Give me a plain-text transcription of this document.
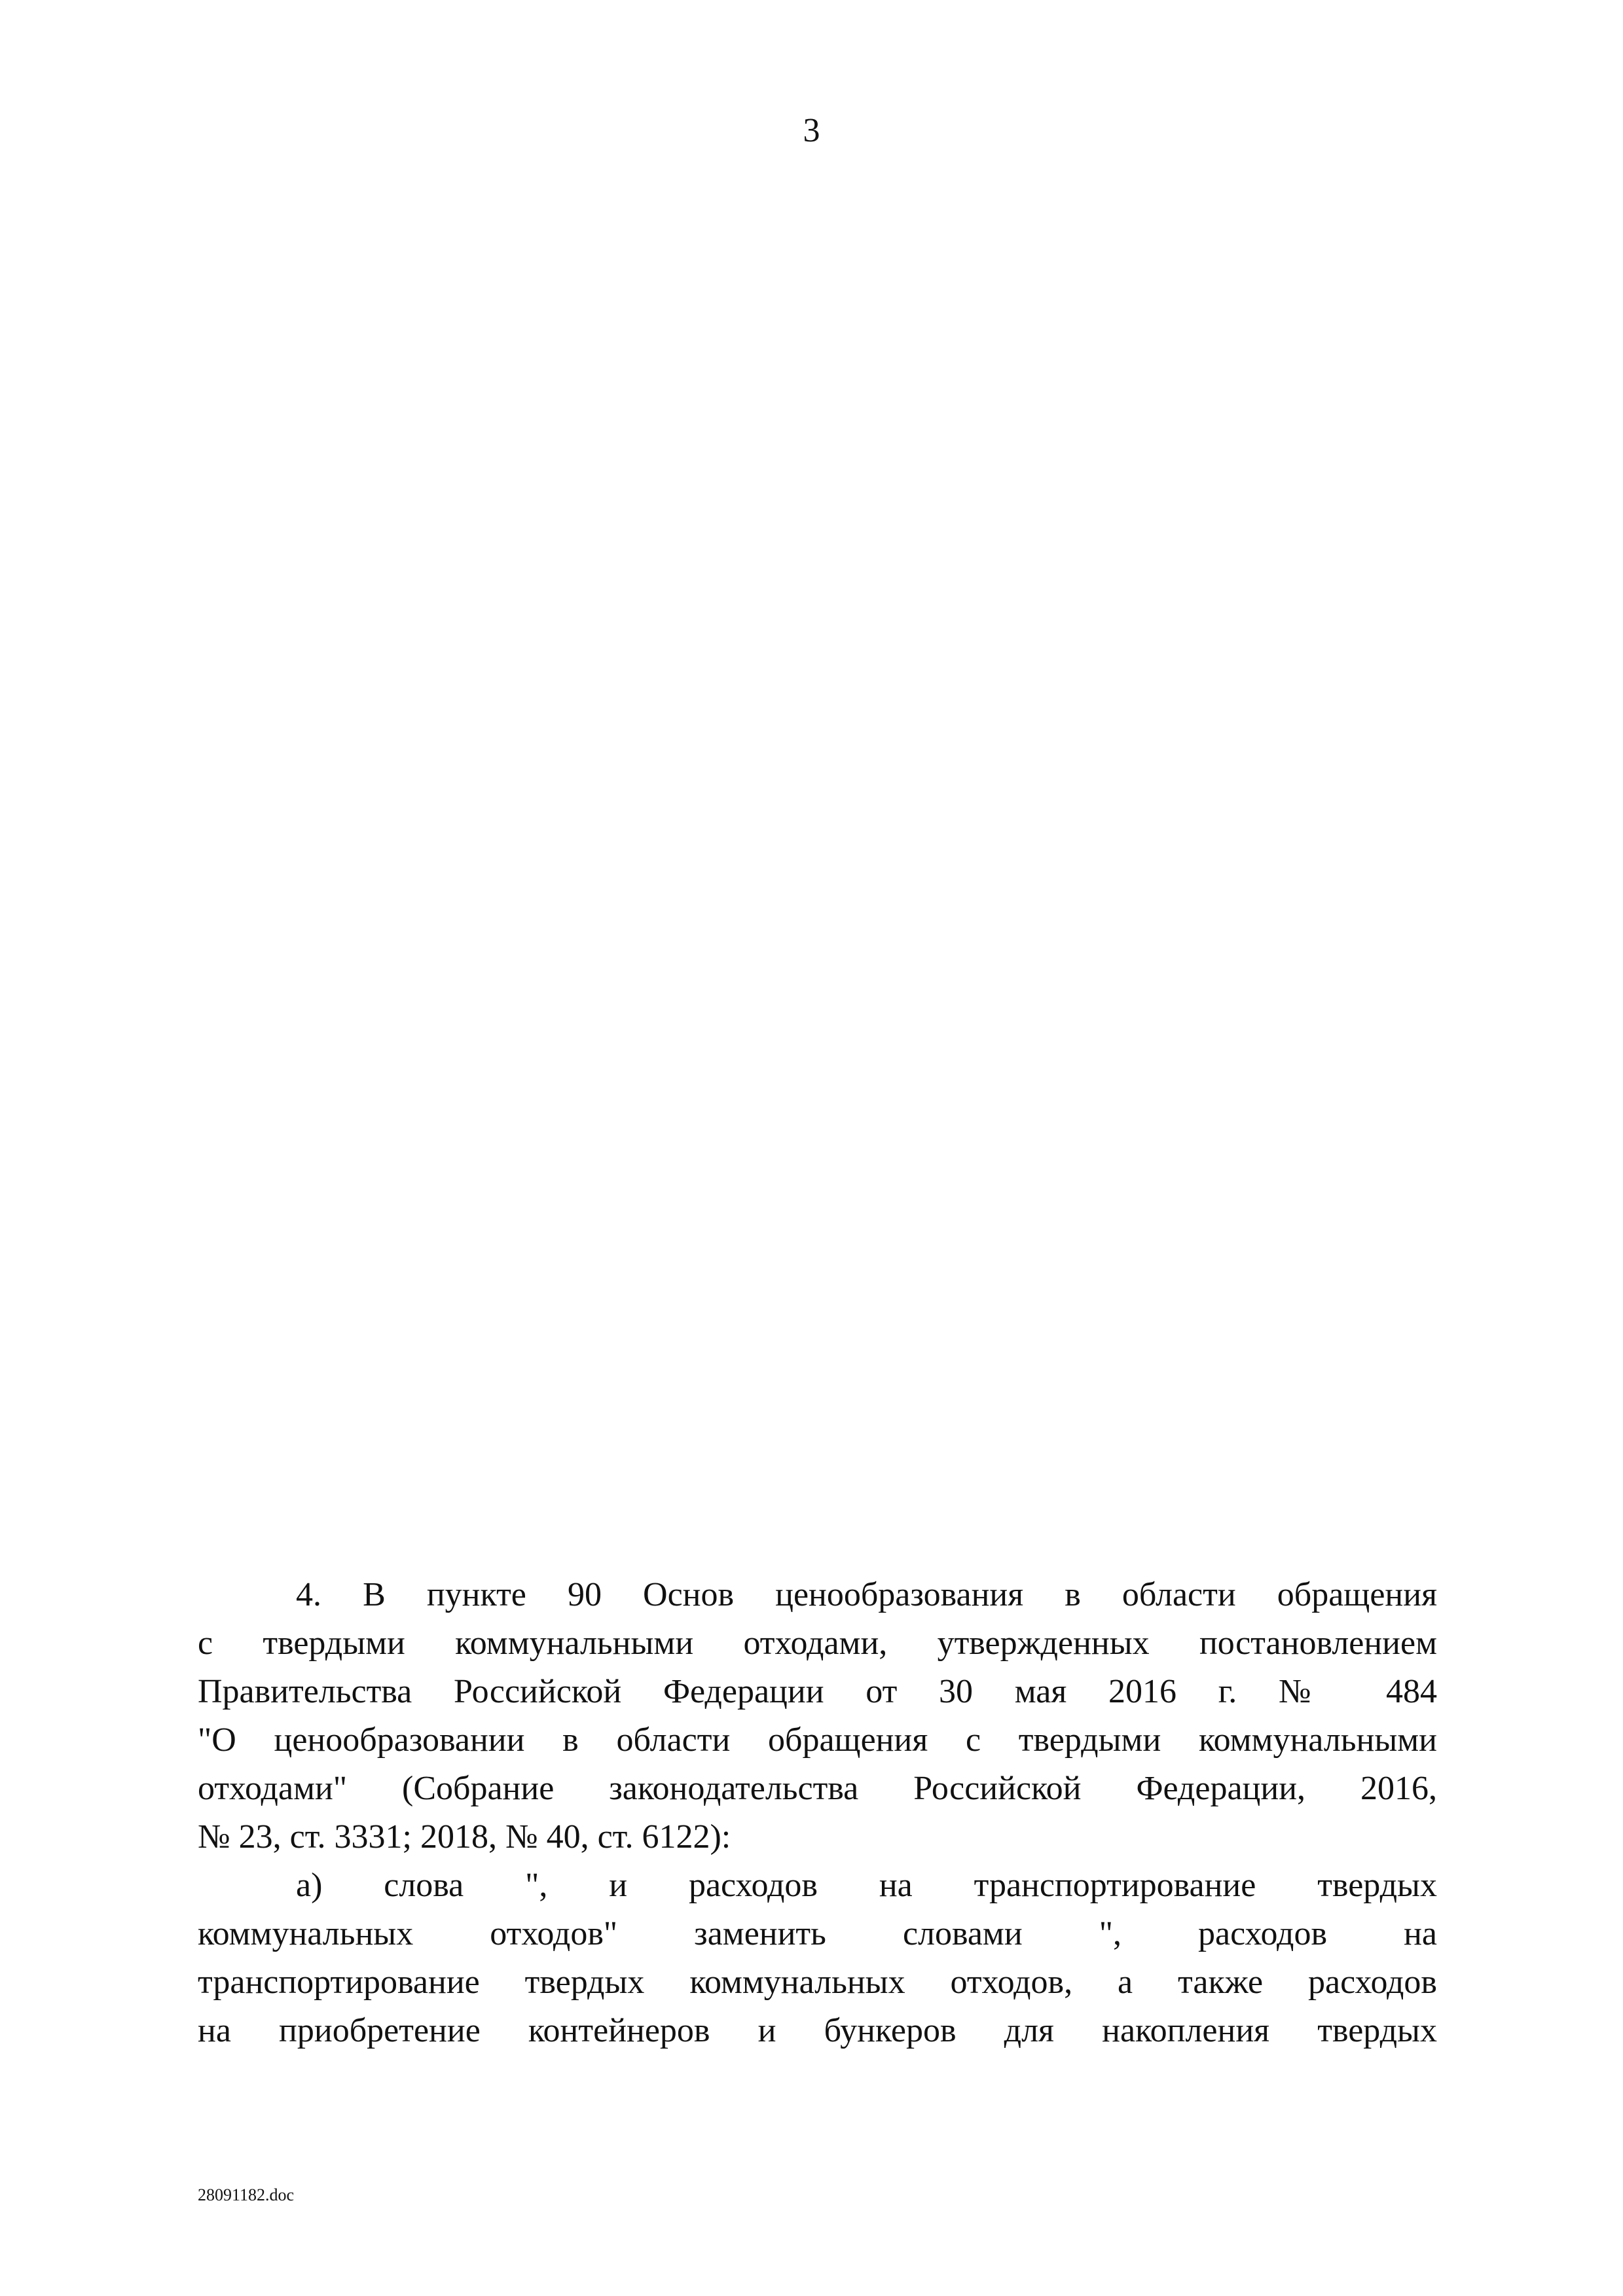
3
4. В пункте 90 Основ ценообразования в области обращения
с твердыми коммунальными отходами, утвержденных постановлением
Правительства Российской Федерации от 30 мая 2016 г. № 484
"О ценообразовании в области обращения с твердыми коммунальными
отходами" (Собрание законодательства Российской Федерации, 2016,
№ 23, ст. 3331; 2018, № 40, ст. 6122):
а) слова ", и расходов на транспортирование твердых
коммунальных отходов" заменить словами ", расходов на
транспортирование твердых коммунальных отходов, а также расходов
на приобретение контейнеров и бункеров для накопления твердых
28091182.doc
